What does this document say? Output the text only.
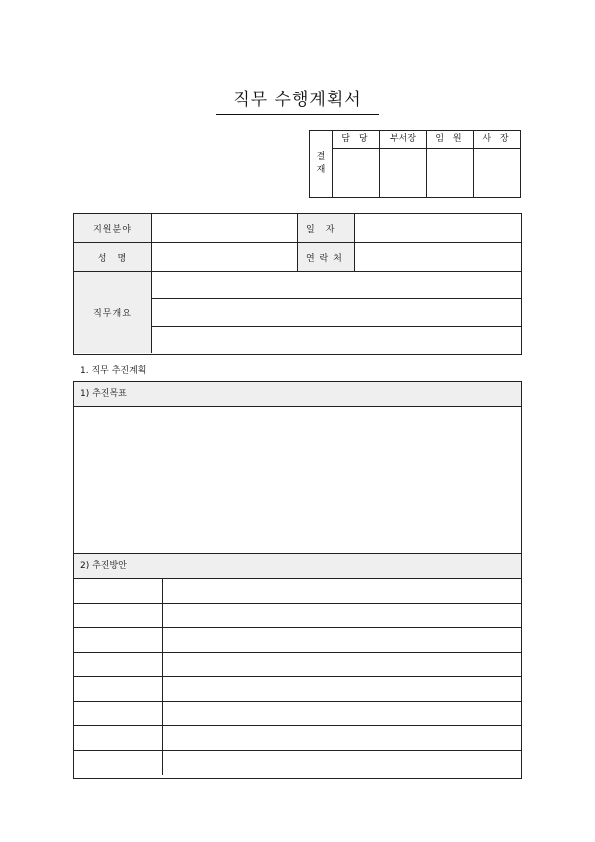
직무 수행계획서
결
재
담 당	부서장	임 원	사 장
지원분야	일　자
성　명	연 락 처
직무개요
1. 직무 추진계획
1) 추진목표
2) 추진방안
